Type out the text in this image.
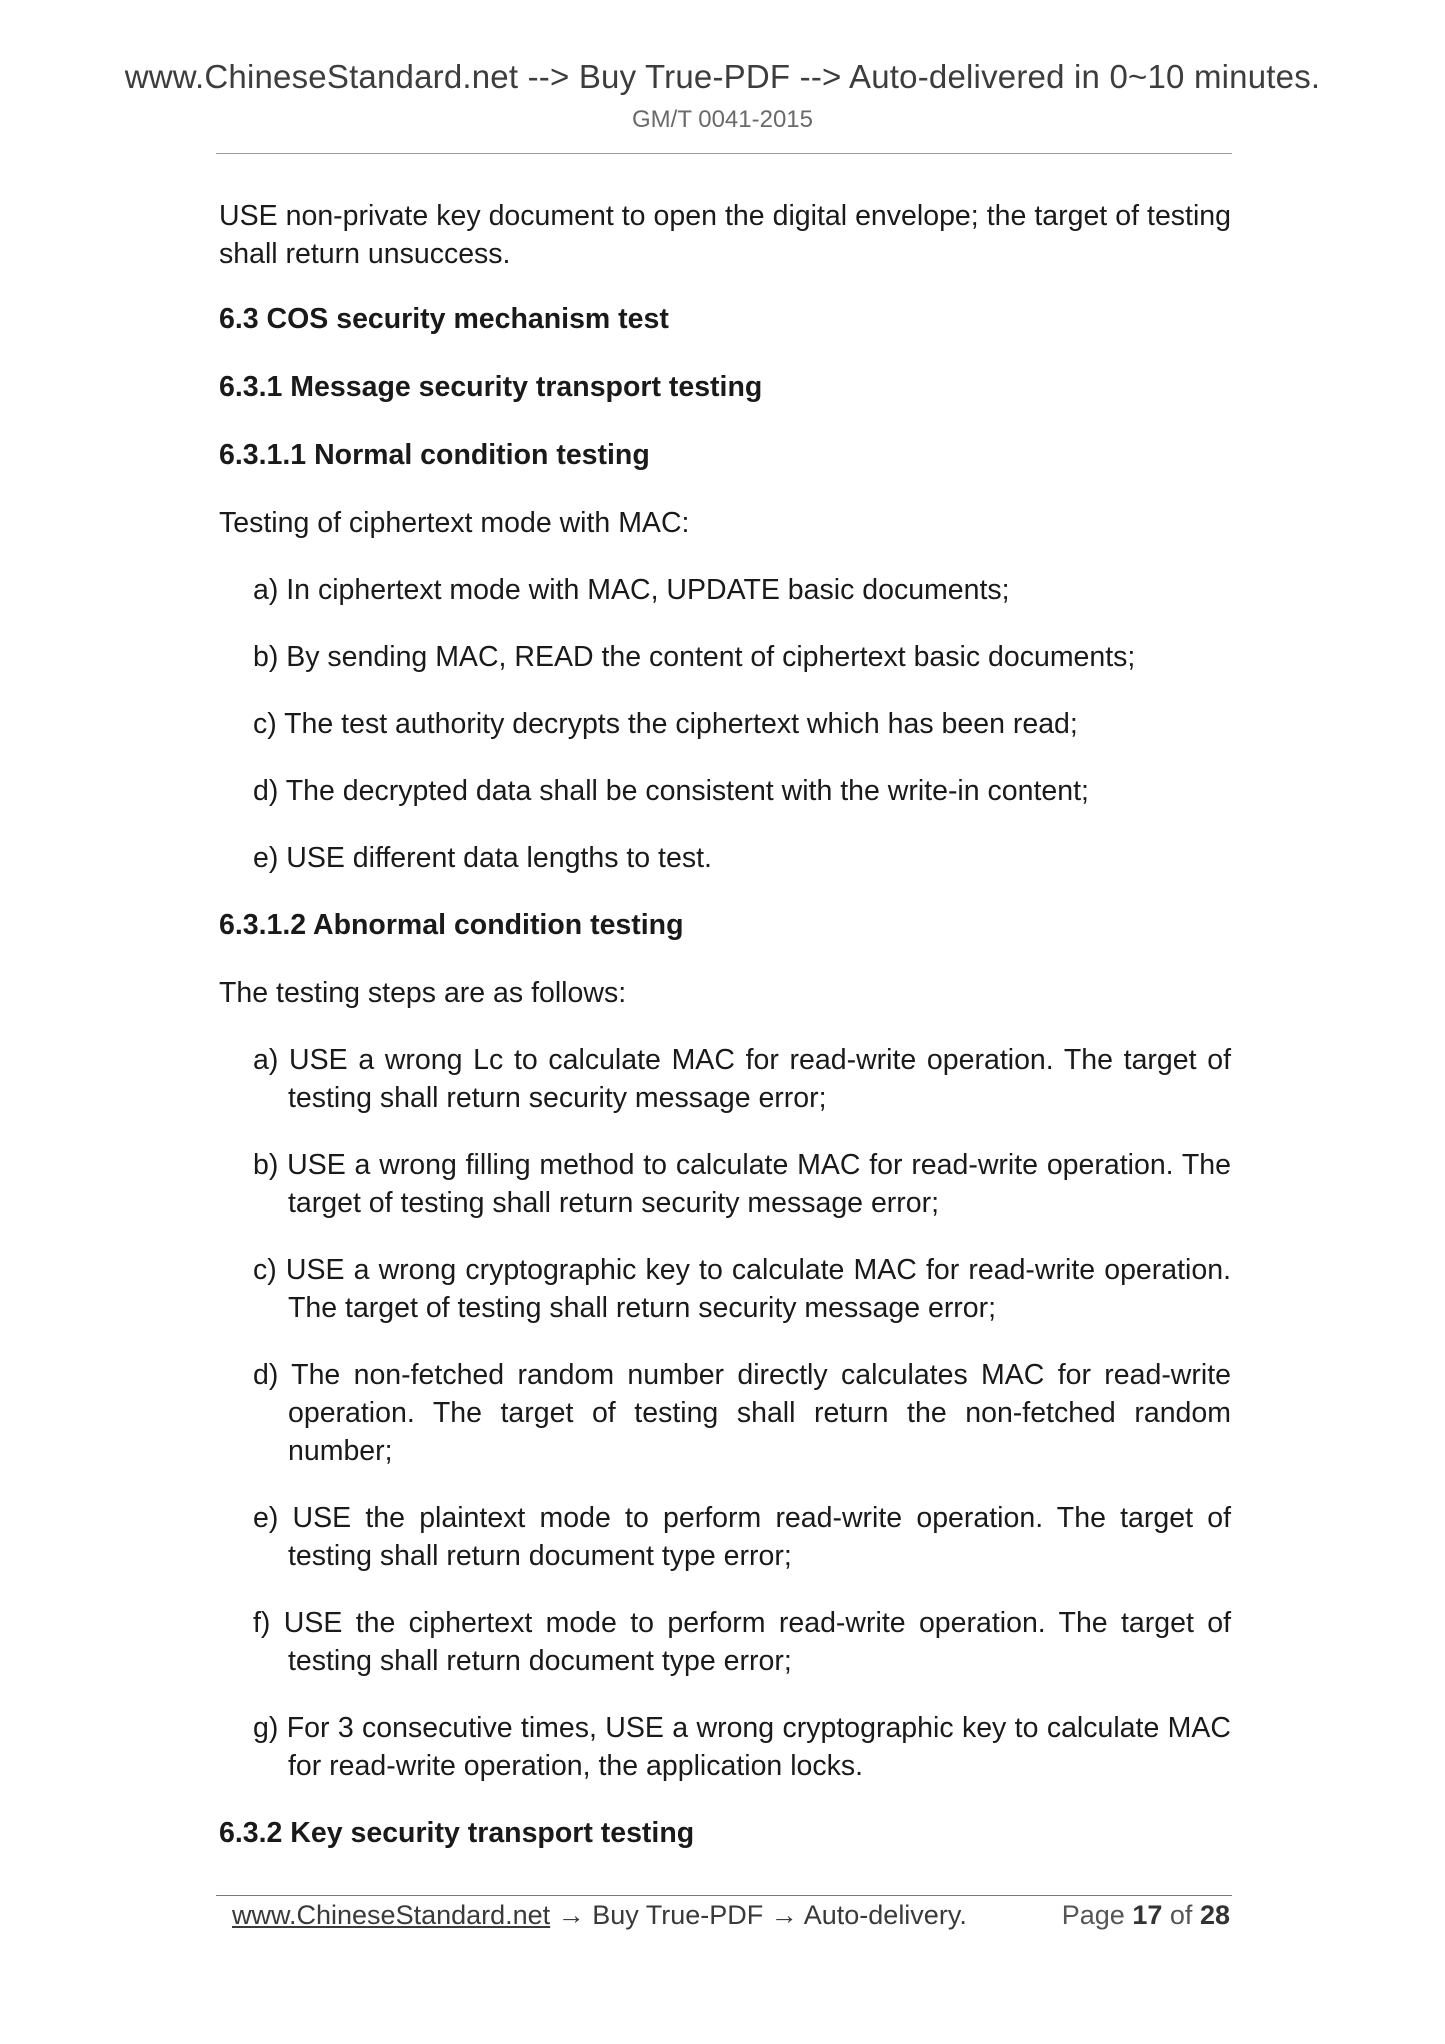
www.ChineseStandard.net --> Buy True-PDF --> Auto-delivered in 0~10 minutes.
GM/T 0041-2015

USE non-private key document to open the digital envelope; the target of testing shall return unsuccess.

6.3 COS security mechanism test

6.3.1 Message security transport testing

6.3.1.1 Normal condition testing

Testing of ciphertext mode with MAC:

a) In ciphertext mode with MAC, UPDATE basic documents;

b) By sending MAC, READ the content of ciphertext basic documents;

c) The test authority decrypts the ciphertext which has been read;

d) The decrypted data shall be consistent with the write-in content;

e) USE different data lengths to test.

6.3.1.2 Abnormal condition testing

The testing steps are as follows:

a) USE a wrong Lc to calculate MAC for read-write operation. The target of testing shall return security message error;

b) USE a wrong filling method to calculate MAC for read-write operation. The target of testing shall return security message error;

c) USE a wrong cryptographic key to calculate MAC for read-write operation. The target of testing shall return security message error;

d) The non-fetched random number directly calculates MAC for read-write operation. The target of testing shall return the non-fetched random number;

e) USE the plaintext mode to perform read-write operation. The target of testing shall return document type error;

f) USE the ciphertext mode to perform read-write operation. The target of testing shall return document type error;

g) For 3 consecutive times, USE a wrong cryptographic key to calculate MAC for read-write operation, the application locks.

6.3.2 Key security transport testing

www.ChineseStandard.net → Buy True-PDF → Auto-delivery.	Page 17 of 28
